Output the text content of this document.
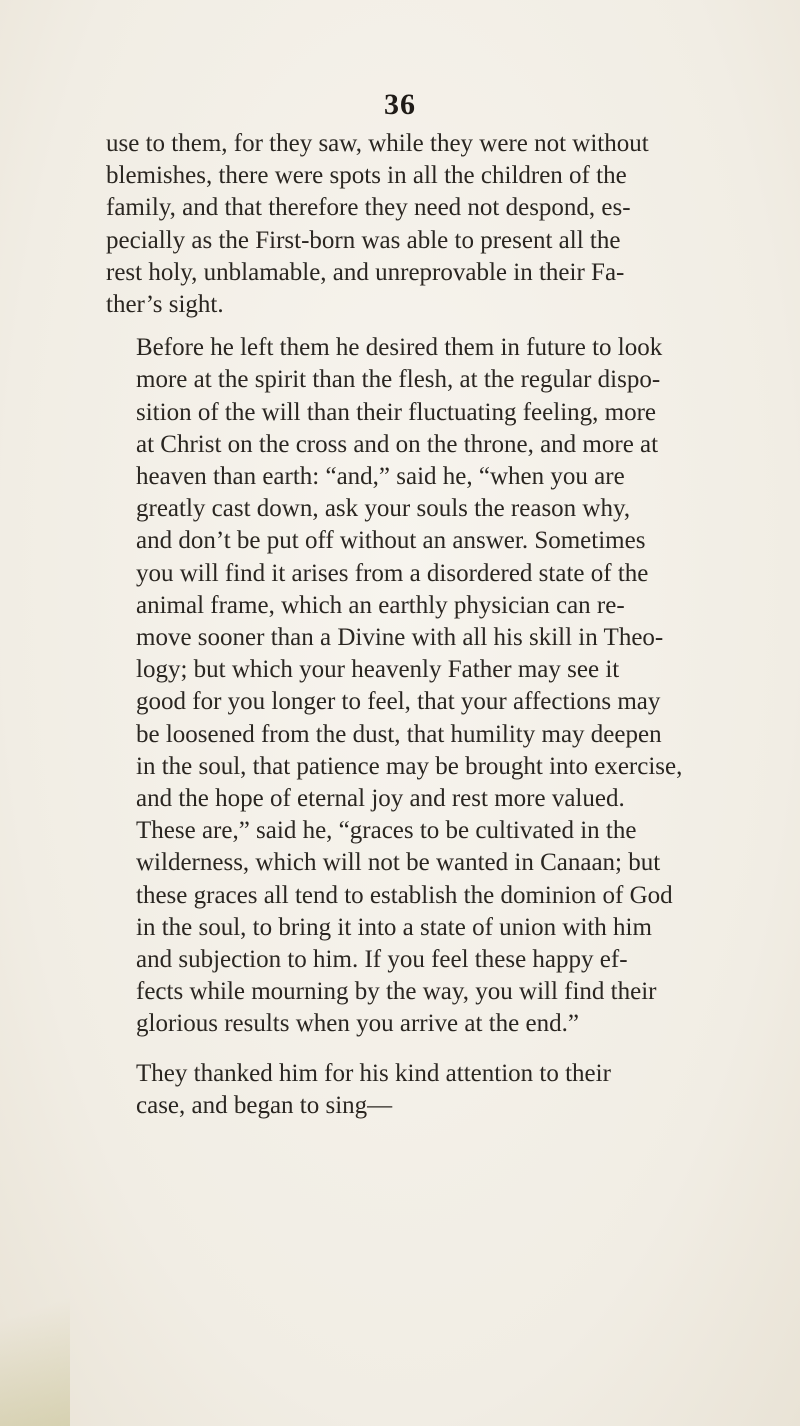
36

use to them, for they saw, while they were not without
blemishes, there were spots in all the children of the
family, and that therefore they need not despond, es-
pecially as the First-born was able to present all the
rest holy, unblamable, and unreprovable in their Fa-
ther’s sight.

Before he left them he desired them in future to look
more at the spirit than the flesh, at the regular dispo-
sition of the will than their fluctuating feeling, more
at Christ on the cross and on the throne, and more at
heaven than earth: “and,” said he, “when you are
greatly cast down, ask your souls the reason why,
and don’t be put off without an answer. Sometimes
you will find it arises from a disordered state of the
animal frame, which an earthly physician can re-
move sooner than a Divine with all his skill in Theo-
logy; but which your heavenly Father may see it
good for you longer to feel, that your affections may
be loosened from the dust, that humility may deepen
in the soul, that patience may be brought into exercise,
and the hope of eternal joy and rest more valued.
These are,” said he, “graces to be cultivated in the
wilderness, which will not be wanted in Canaan; but
these graces all tend to establish the dominion of God
in the soul, to bring it into a state of union with him
and subjection to him. If you feel these happy ef-
fects while mourning by the way, you will find their
glorious results when you arrive at the end.”

They thanked him for his kind attention to their
case, and began to sing—
